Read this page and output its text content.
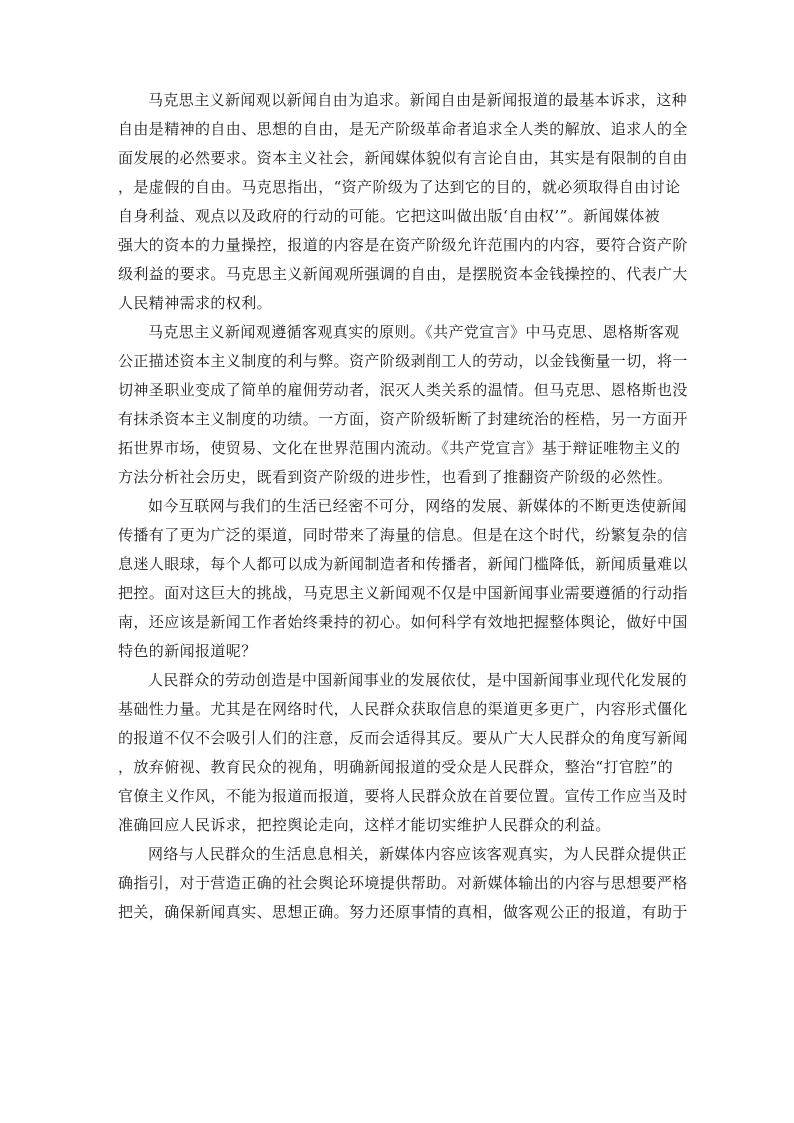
马克思主义新闻观以新闻自由为追求。新闻自由是新闻报道的最基本诉求，这种
自由是精神的自由、思想的自由，是无产阶级革命者追求全人类的解放、追求人的全
面发展的必然要求。资本主义社会，新闻媒体貌似有言论自由，其实是有限制的自由
，是虚假的自由。马克思指出，“资产阶级为了达到它的目的，就必须取得自由讨论
自身利益、观点以及政府的行动的可能。它把这叫做出版‘自由权’”。新闻媒体被
强大的资本的力量操控，报道的内容是在资产阶级允许范围内的内容，要符合资产阶
级利益的要求。马克思主义新闻观所强调的自由，是摆脱资本金钱操控的、代表广大
人民精神需求的权利。

马克思主义新闻观遵循客观真实的原则。《共产党宣言》中马克思、恩格斯客观
公正描述资本主义制度的利与弊。资产阶级剥削工人的劳动，以金钱衡量一切，将一
切神圣职业变成了简单的雇佣劳动者，泯灭人类关系的温情。但马克思、恩格斯也没
有抹杀资本主义制度的功绩。一方面，资产阶级斩断了封建统治的桎梏，另一方面开
拓世界市场，使贸易、文化在世界范围内流动。《共产党宣言》基于辩证唯物主义的
方法分析社会历史，既看到资产阶级的进步性，也看到了推翻资产阶级的必然性。

如今互联网与我们的生活已经密不可分，网络的发展、新媒体的不断更迭使新闻
传播有了更为广泛的渠道，同时带来了海量的信息。但是在这个时代，纷繁复杂的信
息迷人眼球，每个人都可以成为新闻制造者和传播者，新闻门槛降低，新闻质量难以
把控。面对这巨大的挑战，马克思主义新闻观不仅是中国新闻事业需要遵循的行动指
南，还应该是新闻工作者始终秉持的初心。如何科学有效地把握整体舆论，做好中国
特色的新闻报道呢？

人民群众的劳动创造是中国新闻事业的发展依仗，是中国新闻事业现代化发展的
基础性力量。尤其是在网络时代，人民群众获取信息的渠道更多更广，内容形式僵化
的报道不仅不会吸引人们的注意，反而会适得其反。要从广大人民群众的角度写新闻
，放弃俯视、教育民众的视角，明确新闻报道的受众是人民群众，整治“打官腔”的
官僚主义作风，不能为报道而报道，要将人民群众放在首要位置。宣传工作应当及时
准确回应人民诉求，把控舆论走向，这样才能切实维护人民群众的利益。

网络与人民群众的生活息息相关，新媒体内容应该客观真实，为人民群众提供正
确指引，对于营造正确的社会舆论环境提供帮助。对新媒体输出的内容与思想要严格
把关，确保新闻真实、思想正确。努力还原事情的真相，做客观公正的报道，有助于
